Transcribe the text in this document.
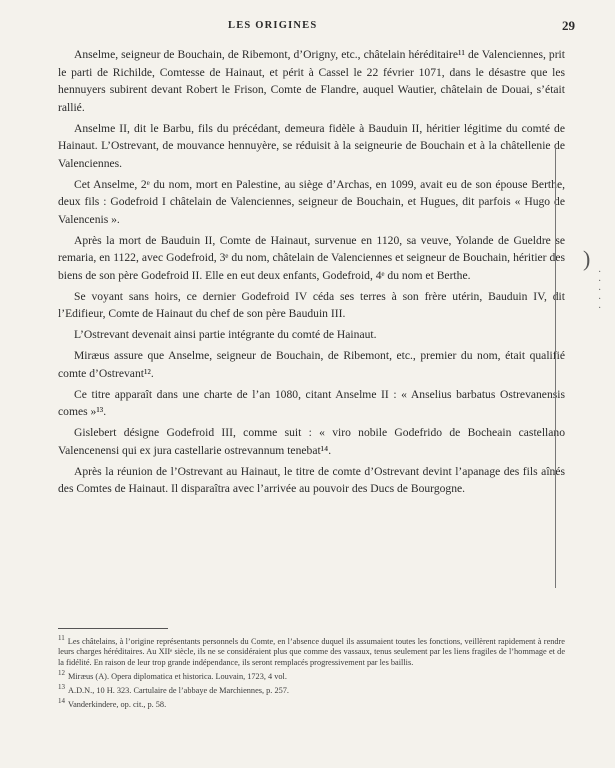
LES ORIGINES	29

Anselme, seigneur de Bouchain, de Ribemont, d’Origny, etc., châtelain héréditaire¹¹ de Valenciennes, prit le parti de Richilde, Comtesse de Hainaut, et périt à Cassel le 22 février 1071, dans le désastre que les hennuyers subirent devant Robert le Frison, Comte de Flandre, auquel Wautier, châtelain de Douai, s’était rallié.

Anselme II, dit le Barbu, fils du précédant, demeura fidèle à Bauduin II, héritier légitime du comté de Hainaut. L’Ostrevant, de mouvance hennuyère, se réduisit à la seigneurie de Bouchain et à la châtellenie de Valenciennes.

Cet Anselme, 2ᵉ du nom, mort en Palestine, au siège d’Archas, en 1099, avait eu de son épouse Berthe, deux fils : Godefroid I châtelain de Valenciennes, seigneur de Bouchain, et Hugues, dit parfois « Hugo de Valencenis ».

Après la mort de Bauduin II, Comte de Hainaut, survenue en 1120, sa veuve, Yolande de Gueldre se remaria, en 1122, avec Godefroid, 3ᵉ du nom, châtelain de Valenciennes et seigneur de Bouchain, héritier des biens de son père Godefroid II. Elle en eut deux enfants, Godefroid, 4ᵉ du nom et Berthe.

Se voyant sans hoirs, ce dernier Godefroid IV céda ses terres à son frère utérin, Bauduin IV, dit l’Edifieur, Comte de Hainaut du chef de son père Bauduin III.

L’Ostrevant devenait ainsi partie intégrante du comté de Hainaut.

Miræus assure que Anselme, seigneur de Bouchain, de Ribemont, etc., premier du nom, était qualifié comte d’Ostrevant¹².

Ce titre apparaît dans une charte de l’an 1080, citant Anselme II : « Anselius barbatus Ostrevanensis comes »¹³.

Gislebert désigne Godefroid III, comme suit : « viro nobile Godefrido de Bocheain castellano Valencenensi qui ex jura castellarie ostrevannum tenebat¹⁴.

Après la réunion de l’Ostrevant au Hainaut, le titre de comte d’Ostrevant devint l’apanage des fils aînés des Comtes de Hainaut. Il disparaîtra avec l’arrivée au pouvoir des Ducs de Bourgogne.

)
·
·
·
·
·

$^{11}$ Les châtelains, à l’origine représentants personnels du Comte, en l’absence duquel ils assumaient toutes les fonctions, veillèrent rapidement à rendre leurs charges héréditaires. Au XIIᵉ siècle, ils ne se considéraient plus que comme des vassaux, tenus seulement par les liens fragiles de l’hommage et de la fidélité. En raison de leur trop grande indépendance, ils seront remplacés progressivement par les baillis.

$^{12}$ Miræus (A). Opera diplomatica et historica. Louvain, 1723, 4 vol.

$^{13}$ A.D.N., 10 H. 323. Cartulaire de l’abbaye de Marchiennes, p. 257.

$^{14}$ Vanderkindere, op. cit., p. 58.
